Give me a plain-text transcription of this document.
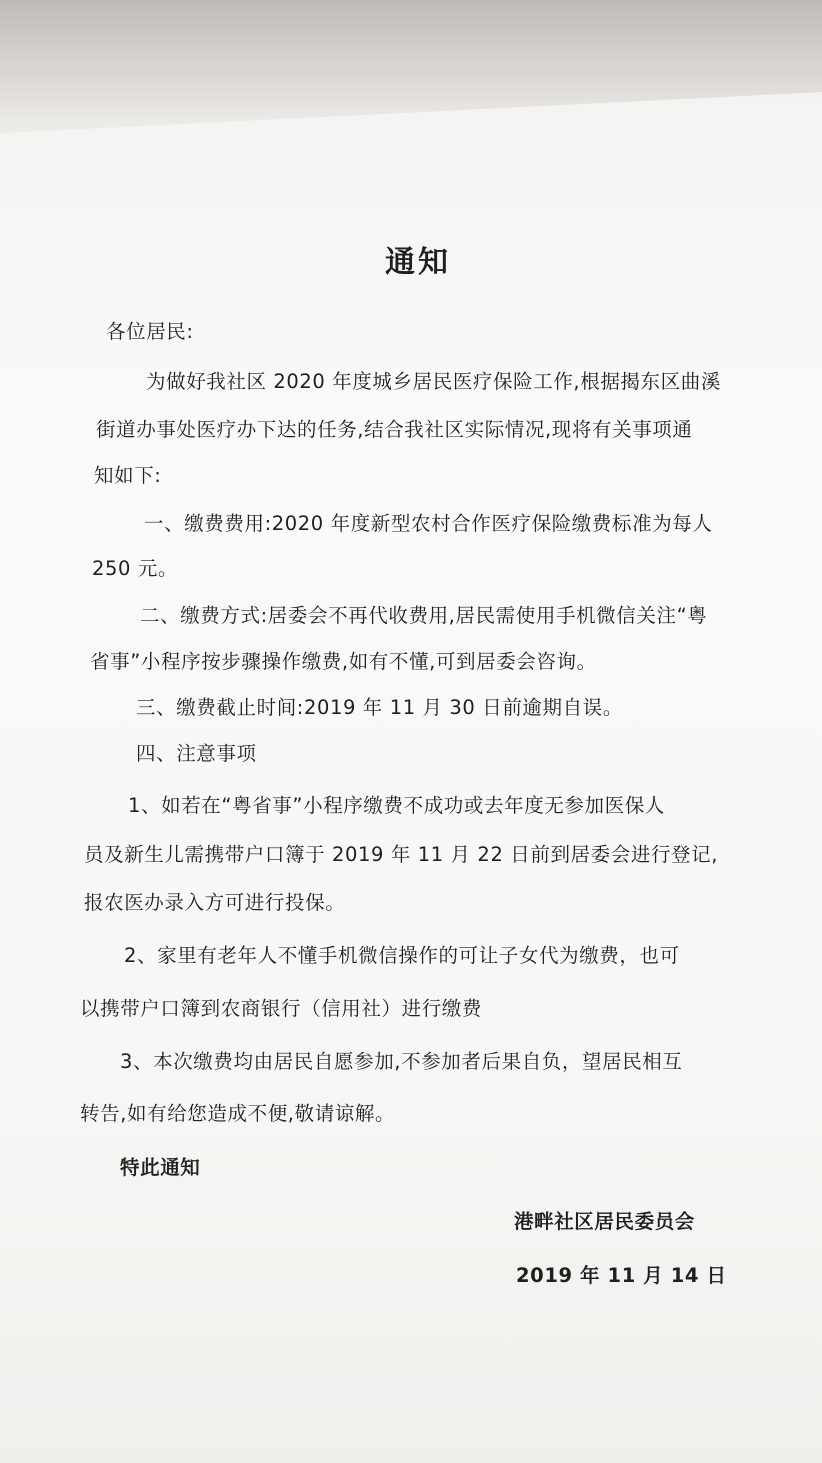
通知
各位居民:
为做好我社区 2020 年度城乡居民医疗保险工作,根据揭东区曲溪
街道办事处医疗办下达的任务,结合我社区实际情况,现将有关事项通
知如下:
一、缴费费用:2020 年度新型农村合作医疗保险缴费标准为每人
250 元。
二、缴费方式:居委会不再代收费用,居民需使用手机微信关注“粤
省事”小程序按步骤操作缴费,如有不懂,可到居委会咨询。
三、缴费截止时间:2019 年 11 月 30 日前逾期自误。
四、注意事项
1、如若在“粤省事”小程序缴费不成功或去年度无参加医保人
员及新生儿需携带户口簿于 2019 年 11 月 22 日前到居委会进行登记,
报农医办录入方可进行投保。
2、家里有老年人不懂手机微信操作的可让子女代为缴费，也可
以携带户口簿到农商银行（信用社）进行缴费
3、本次缴费均由居民自愿参加,不参加者后果自负，望居民相互
转告,如有给您造成不便,敬请谅解。
特此通知
港畔社区居民委员会
2019 年 11 月 14 日
